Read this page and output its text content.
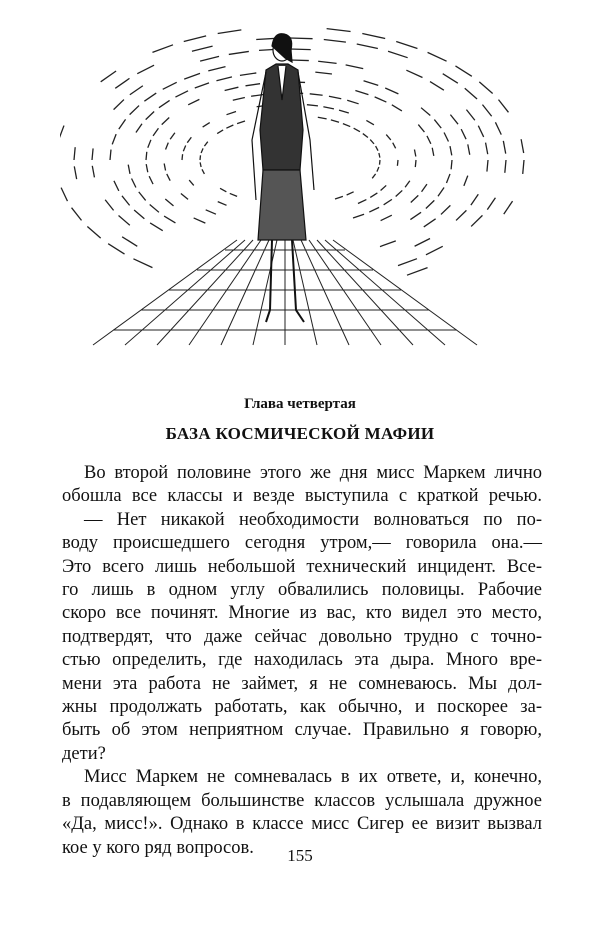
Глава четвертая
БАЗА КОСМИЧЕСКОЙ МАФИИ
Во второй половине этого же дня мисс Маркем лично
обошла все классы и везде выступила с краткой речью.
— Нет никакой необходимости волноваться по по-
воду происшедшего сегодня утром,— говорила она.—
Это всего лишь небольшой технический инцидент. Все-
го лишь в одном углу обвалились половицы. Рабочие
скоро все починят. Многие из вас, кто видел это место,
подтвердят, что даже сейчас довольно трудно с точно-
стью определить, где находилась эта дыра. Много вре-
мени эта работа не займет, я не сомневаюсь. Мы дол-
жны продолжать работать, как обычно, и поскорее за-
быть об этом неприятном случае. Правильно я говорю,
дети?
Мисс Маркем не сомневалась в их ответе, и, конечно,
в подавляющем большинстве классов услышала дружное
«Да, мисс!». Однако в классе мисс Сигер ее визит вызвал
кое у кого ряд вопросов.	155
